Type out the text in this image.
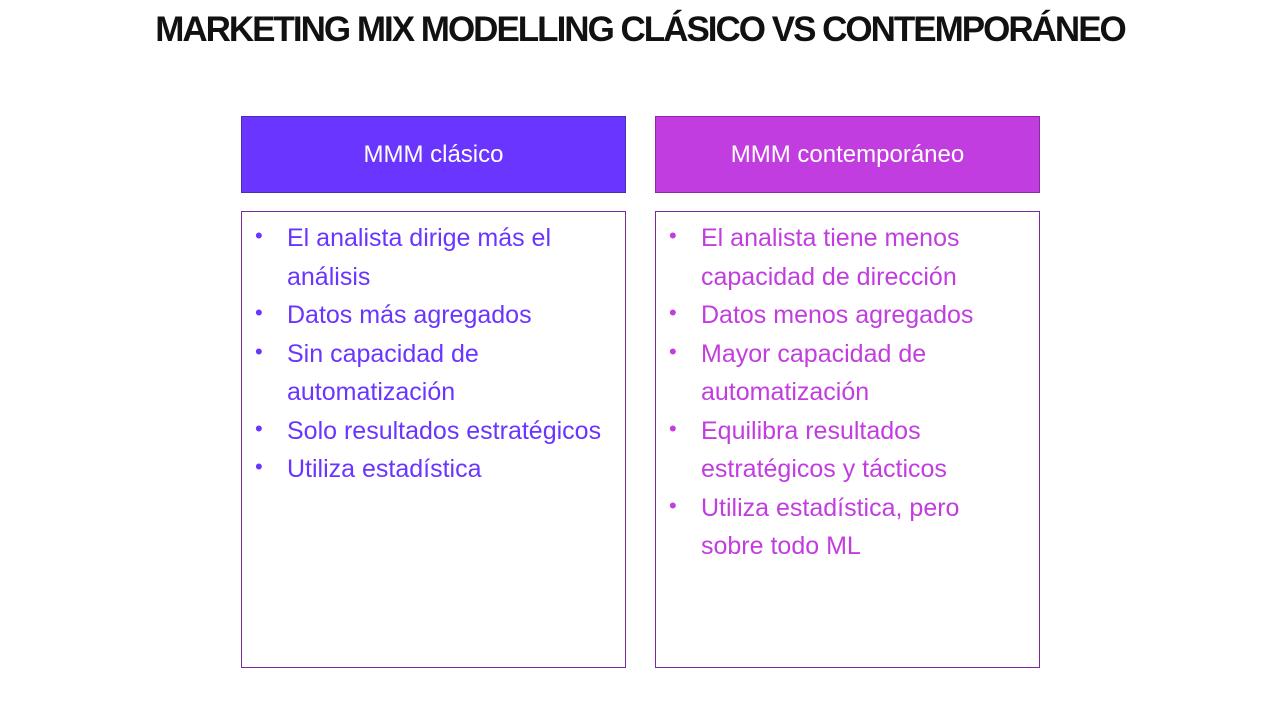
MARKETING MIX MODELLING CLÁSICO VS CONTEMPORÁNEO
MMM clásico	MMM contemporáneo
• El analista dirige más el análisis
• Datos más agregados
• Sin capacidad de automatización
• Solo resultados estratégicos
• Utiliza estadística
• El analista tiene menos capacidad de dirección
• Datos menos agregados
• Mayor capacidad de automatización
• Equilibra resultados estratégicos y tácticos
• Utiliza estadística, pero sobre todo ML
